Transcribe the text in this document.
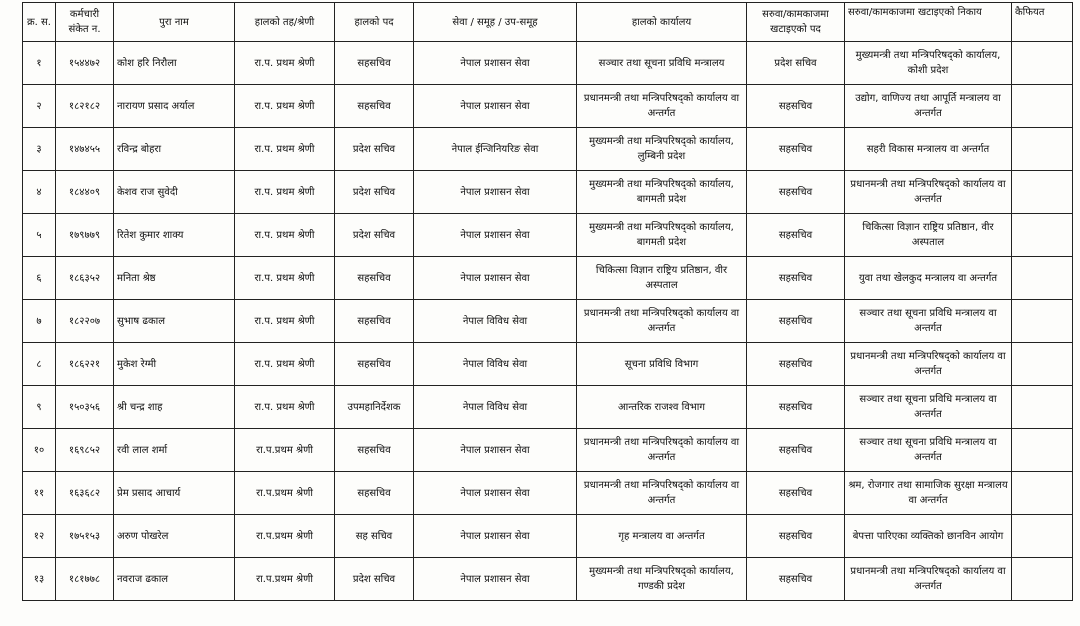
क्र. स.	कर्मचारी संकेत न.	पुरा नाम	हालको तह/श्रेणी	हालको पद	सेवा / समूह / उप-समूह	हालको कार्यालय	सरुवा/कामकाजमा खटाइएको पद	सरुवा/कामकाजमा खटाइएको निकाय	कैफियत
१	१५४४७२	कोश हरि निरौला	रा.प. प्रथम श्रेणी	सहसचिव	नेपाल प्रशासन सेवा	सञ्चार तथा सूचना प्रविधि मन्त्रालय	प्रदेश सचिव	मुख्यमन्त्री तथा मन्त्रिपरिषद्को कार्यालय, कोशी प्रदेश	
२	१८२१८२	नारायण प्रसाद अर्याल	रा.प. प्रथम श्रेणी	सहसचिव	नेपाल प्रशासन सेवा	प्रधानमन्त्री तथा मन्त्रिपरिषद्को कार्यालय वा अन्तर्गत	सहसचिव	उद्योग, वाणिज्य तथा आपूर्ति मन्त्रालय वा अन्तर्गत	
३	१४७४५५	रविन्द्र बोहरा	रा.प. प्रथम श्रेणी	प्रदेश सचिव	नेपाल ईन्जिनियरिङ सेवा	मुख्यमन्त्री तथा मन्त्रिपरिषद्को कार्यालय, लुम्बिनी प्रदेश	सहसचिव	सहरी विकास मन्त्रालय वा अन्तर्गत	
४	१८४४०९	केशव राज सुवेदी	रा.प. प्रथम श्रेणी	प्रदेश सचिव	नेपाल प्रशासन सेवा	मुख्यमन्त्री तथा मन्त्रिपरिषद्को कार्यालय, बागमती प्रदेश	सहसचिव	प्रधानमन्त्री तथा मन्त्रिपरिषद्को कार्यालय वा अन्तर्गत	
५	१७९७७९	रितेश कुमार शाक्य	रा.प. प्रथम श्रेणी	प्रदेश सचिव	नेपाल प्रशासन सेवा	मुख्यमन्त्री तथा मन्त्रिपरिषद्को कार्यालय, बागमती प्रदेश	सहसचिव	चिकित्सा विज्ञान राष्ट्रिय प्रतिष्ठान, वीर अस्पताल	
६	१८६३५२	मनिता श्रेष्ठ	रा.प. प्रथम श्रेणी	सहसचिव	नेपाल प्रशासन सेवा	चिकित्सा विज्ञान राष्ट्रिय प्रतिष्ठान, वीर अस्पताल	सहसचिव	युवा तथा खेलकुद मन्त्रालय वा अन्तर्गत	
७	१८२२०७	सुभाष ढकाल	रा.प. प्रथम श्रेणी	सहसचिव	नेपाल विविध सेवा	प्रधानमन्त्री तथा मन्त्रिपरिषद्को कार्यालय वा अन्तर्गत	सहसचिव	सञ्चार तथा सूचना प्रविधि मन्त्रालय वा अन्तर्गत	
८	१८६२२१	मुकेश रेग्मी	रा.प. प्रथम श्रेणी	सहसचिव	नेपाल विविध सेवा	सूचना प्रविधि विभाग	सहसचिव	प्रधानमन्त्री तथा मन्त्रिपरिषद्को कार्यालय वा अन्तर्गत	
९	१५०३५६	श्री चन्द्र शाह	रा.प. प्रथम श्रेणी	उपमहानिर्देशक	नेपाल विविध सेवा	आन्तरिक राजश्व विभाग	सहसचिव	सञ्चार तथा सूचना प्रविधि मन्त्रालय वा अन्तर्गत	
१०	१६९८५२	रवी लाल शर्मा	रा.प.प्रथम श्रेणी	सहसचिव	नेपाल प्रशासन सेवा	प्रधानमन्त्री तथा मन्त्रिपरिषद्को कार्यालय वा अन्तर्गत	सहसचिव	सञ्चार तथा सूचना प्रविधि मन्त्रालय वा अन्तर्गत	
११	१६३६८२	प्रेम प्रसाद आचार्य	रा.प.प्रथम श्रेणी	सहसचिव	नेपाल प्रशासन सेवा	प्रधानमन्त्री तथा मन्त्रिपरिषद्को कार्यालय वा अन्तर्गत	सहसचिव	श्रम, रोजगार तथा सामाजिक सुरक्षा मन्त्रालय वा अन्तर्गत	
१२	१७५१५३	अरुण पोखरेल	रा.प.प्रथम श्रेणी	सह सचिव	नेपाल प्रशासन सेवा	गृह मन्त्रालय वा अन्तर्गत	सहसचिव	बेपत्ता पारिएका व्यक्तिको छानविन आयोग	
१३	१८१७७८	नवराज ढकाल	रा.प.प्रथम श्रेणी	प्रदेश सचिव	नेपाल प्रशासन सेवा	मुख्यमन्त्री तथा मन्त्रिपरिषद्को कार्यालय, गण्डकी प्रदेश	सहसचिव	प्रधानमन्त्री तथा मन्त्रिपरिषद्को कार्यालय वा अन्तर्गत	
